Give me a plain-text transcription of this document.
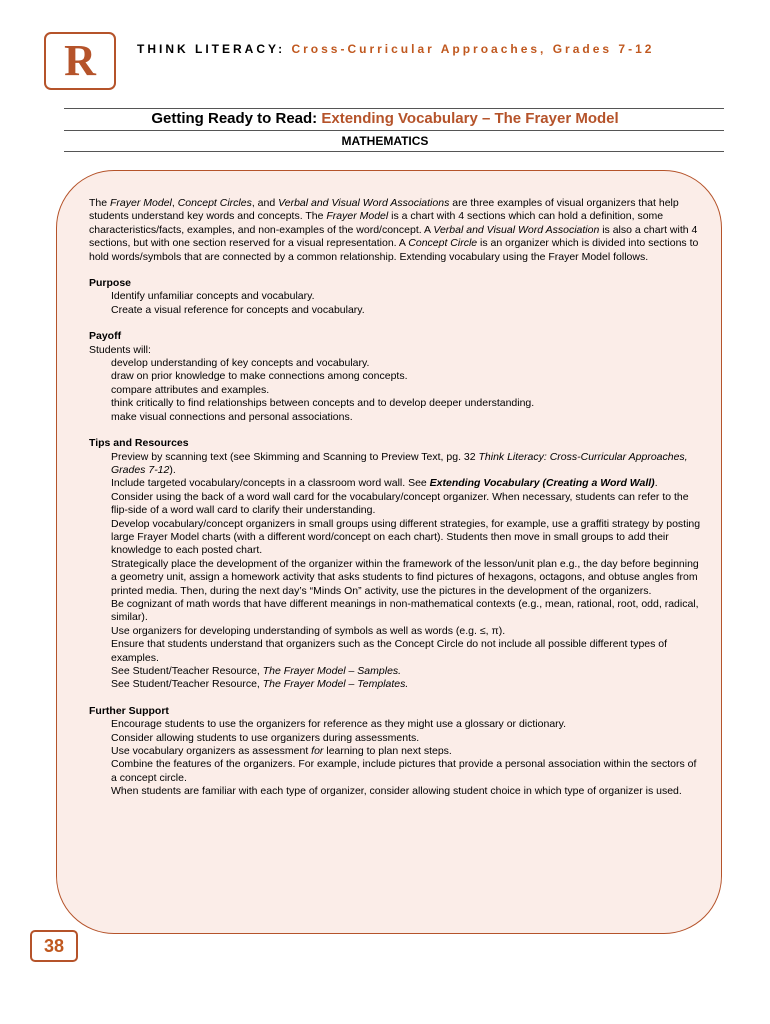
R	THINK LITERACY: Cross-Curricular Approaches, Grades 7-12
Getting Ready to Read: Extending Vocabulary – The Frayer Model
MATHEMATICS

The Frayer Model, Concept Circles, and Verbal and Visual Word Associations are three examples of visual organizers that help students understand key words and concepts. The Frayer Model is a chart with 4 sections which can hold a definition, some characteristics/facts, examples, and non-examples of the word/concept. A Verbal and Visual Word Association is also a chart with 4 sections, but with one section reserved for a visual representation. A Concept Circle is an organizer which is divided into sections to hold words/symbols that are connected by a common relationship. Extending vocabulary using the Frayer Model follows.

Purpose

Identify unfamiliar concepts and vocabulary.

Create a visual reference for concepts and vocabulary.

Payoff

Students will:

develop understanding of key concepts and vocabulary.

draw on prior knowledge to make connections among concepts.

compare attributes and examples.

think critically to find relationships between concepts and to develop deeper understanding.

make visual connections and personal associations.

Tips and Resources

Preview by scanning text (see Skimming and Scanning to Preview Text, pg. 32 Think Literacy: Cross-Curricular Approaches, Grades 7-12).

Include targeted vocabulary/concepts in a classroom word wall. See Extending Vocabulary (Creating a Word Wall).

Consider using the back of a word wall card for the vocabulary/concept organizer. When necessary, students can refer to the flip-side of a word wall card to clarify their understanding.

Develop vocabulary/concept organizers in small groups using different strategies, for example, use a graffiti strategy by posting large Frayer Model charts (with a different word/concept on each chart). Students then move in small groups to add their knowledge to each posted chart.

Strategically place the development of the organizer within the framework of the lesson/unit plan e.g., the day before beginning a geometry unit, assign a homework activity that asks students to find pictures of hexagons, octagons, and obtuse angles from printed media. Then, during the next day’s “Minds On” activity, use the pictures in the development of the organizers.

Be cognizant of math words that have different meanings in non-mathematical contexts (e.g., mean, rational, root, odd, radical, similar).

Use organizers for developing understanding of symbols as well as words (e.g. ≤, π).

Ensure that students understand that organizers such as the Concept Circle do not include all possible different types of examples.

See Student/Teacher Resource, The Frayer Model – Samples.

See Student/Teacher Resource, The Frayer Model – Templates.

Further Support

Encourage students to use the organizers for reference as they might use a glossary or dictionary.

Consider allowing students to use organizers during assessments.

Use vocabulary organizers as assessment for learning to plan next steps.

Combine the features of the organizers. For example, include pictures that provide a personal association within the sectors of a concept circle.

When students are familiar with each type of organizer, consider allowing student choice in which type of organizer is used.

38
